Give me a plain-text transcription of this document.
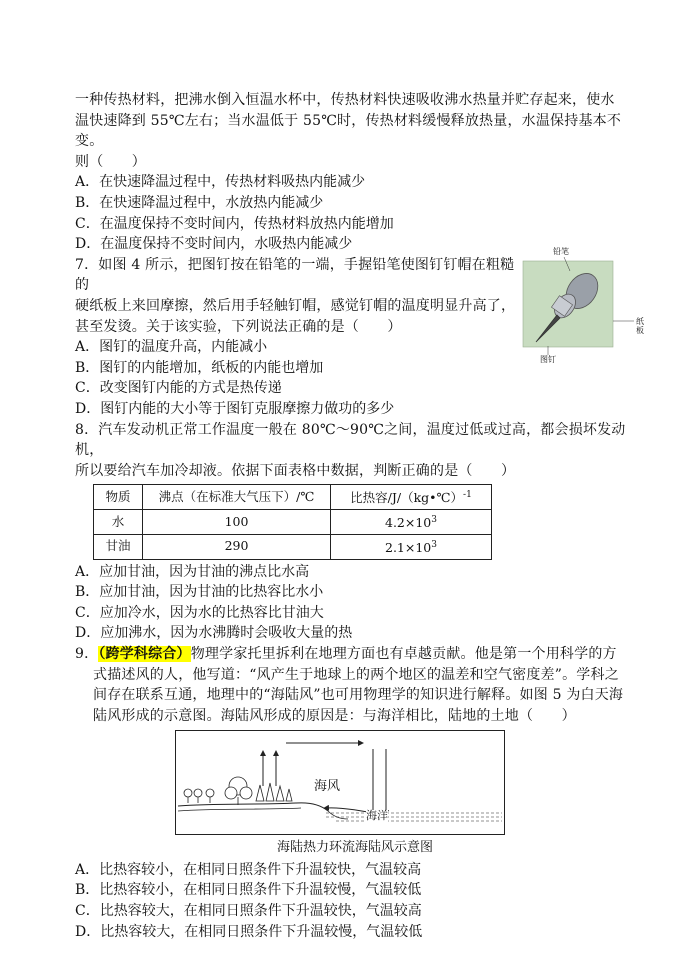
一种传热材料，把沸水倒入恒温水杯中，传热材料快速吸收沸水热量并贮存起来，使水

温快速降到 55℃左右；当水温低于 55℃时，传热材料缓慢释放热量，水温保持基本不变。

则（　　）

A．在快速降温过程中，传热材料吸热内能减少

B．在快速降温过程中，水放热内能减少

C．在温度保持不变时间内，传热材料放热内能增加

D．在温度保持不变时间内，水吸热内能减少

7．如图 4 所示，把图钉按在铅笔的一端，手握铅笔使图钉钉帽在粗糙的

硬纸板上来回摩擦，然后用手轻触钉帽，感觉钉帽的温度明显升高了，

甚至发烫。关于该实验，下列说法正确的是（　　）

铅笔
纸板
图钉

A．图钉的温度升高，内能减小

B．图钉的内能增加，纸板的内能也增加

C．改变图钉内能的方式是热传递

D．图钉内能的大小等于图钉克服摩擦力做功的多少

8．汽车发动机正常工作温度一般在 80℃～90℃之间，温度过低或过高，都会损坏发动机，

所以要给汽车加冷却液。依据下面表格中数据，判断正确的是（　　）

物质	沸点（在标准大气压下）/℃	比热容/J/（kg•℃）$^{-1}$
水	100	$4.2\times 10^3$
甘油	290	$2.1\times 10^3$

A．应加甘油，因为甘油的沸点比水高

B．应加甘油，因为甘油的比热容比水小

C．应加冷水，因为水的比热容比甘油大

D．应加沸水，因为水沸腾时会吸收大量的热

9．（跨学科综合）物理学家托里拆利在地理方面也有卓越贡献。他是第一个用科学的方

式描述风的人，他写道：“风产生于地球上的两个地区的温差和空气密度差”。学科之

间存在联系互通，地理中的“海陆风”也可用物理学的知识进行解释。如图 5 为白天海

陆风形成的示意图。海陆风形成的原因是：与海洋相比，陆地的土地（　　）

海风
海洋

海陆热力环流海陆风示意图

A．比热容较小，在相同日照条件下升温较快，气温较高

B．比热容较小，在相同日照条件下升温较慢，气温较低

C．比热容较大，在相同日照条件下升温较快，气温较高

D．比热容较大，在相同日照条件下升温较慢，气温较低
